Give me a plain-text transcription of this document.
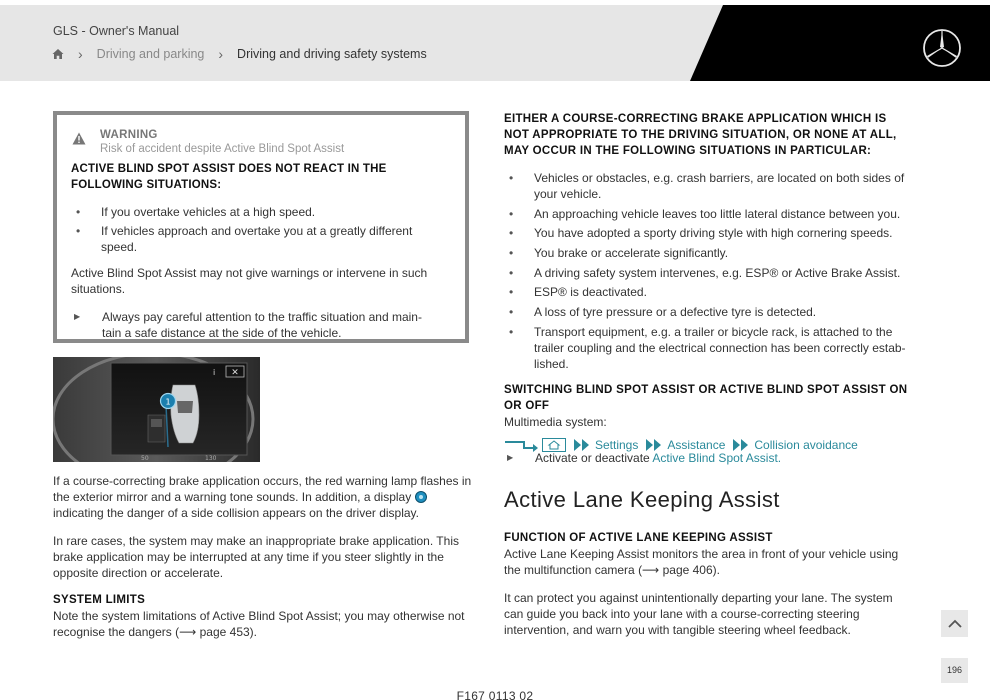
GLS - Owner's Manual
› Driving and parking › Driving and driving safety systems
WARNING
Risk of accident despite Active Blind Spot Assist
ACTIVE BLIND SPOT ASSIST DOES NOT REACT IN THE FOLLOWING SITUATIONS:
• If you overtake vehicles at a high speed.
• If vehicles approach and overtake you at a greatly different speed.
Active Blind Spot Assist may not give warnings or intervene in such situations.
▶ Always pay careful attention to the traffic situation and main-
tain a safe distance at the side of the vehicle.
✕
i
1
50	130
If a course-correcting brake application occurs, the red warning lamp flashes in the exterior mirror and a warning tone sounds. In addition, a display  indicating the danger of a side collision appears on the driver display.
In rare cases, the system may make an inappropriate brake application. This brake application may be interrupted at any time if you steer slightly in the opposite direction or accelerate.
SYSTEM LIMITS
Note the system limitations of Active Blind Spot Assist; you may otherwise not recognise the dangers (⟶ page 453).
EITHER A COURSE-CORRECTING BRAKE APPLICATION WHICH IS NOT APPROPRIATE TO THE DRIVING SITUATION, OR NONE AT ALL, MAY OCCUR IN THE FOLLOWING SITUATIONS IN PARTICULAR:
• Vehicles or obstacles, e.g. crash barriers, are located on both sides of your vehicle.
• An approaching vehicle leaves too little lateral distance between you.
• You have adopted a sporty driving style with high cornering speeds.
• You brake or accelerate significantly.
• A driving safety system intervenes, e.g. ESP® or Active Brake Assist.
• ESP® is deactivated.
• A loss of tyre pressure or a defective tyre is detected.
• Transport equipment, e.g. a trailer or bicycle rack, is attached to the trailer coupling and the electrical connection has been correctly estab-lished.
SWITCHING BLIND SPOT ASSIST OR ACTIVE BLIND SPOT ASSIST ON OR OFF
Multimedia system:
Settings Assistance Collision avoidance
▶ Activate or deactivate Active Blind Spot Assist.
Active Lane Keeping Assist
FUNCTION OF ACTIVE LANE KEEPING ASSIST
Active Lane Keeping Assist monitors the area in front of your vehicle using the multifunction camera (⟶ page 406).
It can protect you against unintentionally departing your lane. The system can guide you back into your lane with a course-correcting steering intervention, and warn you with tangible steering wheel feedback.
196
F167 0113 02
